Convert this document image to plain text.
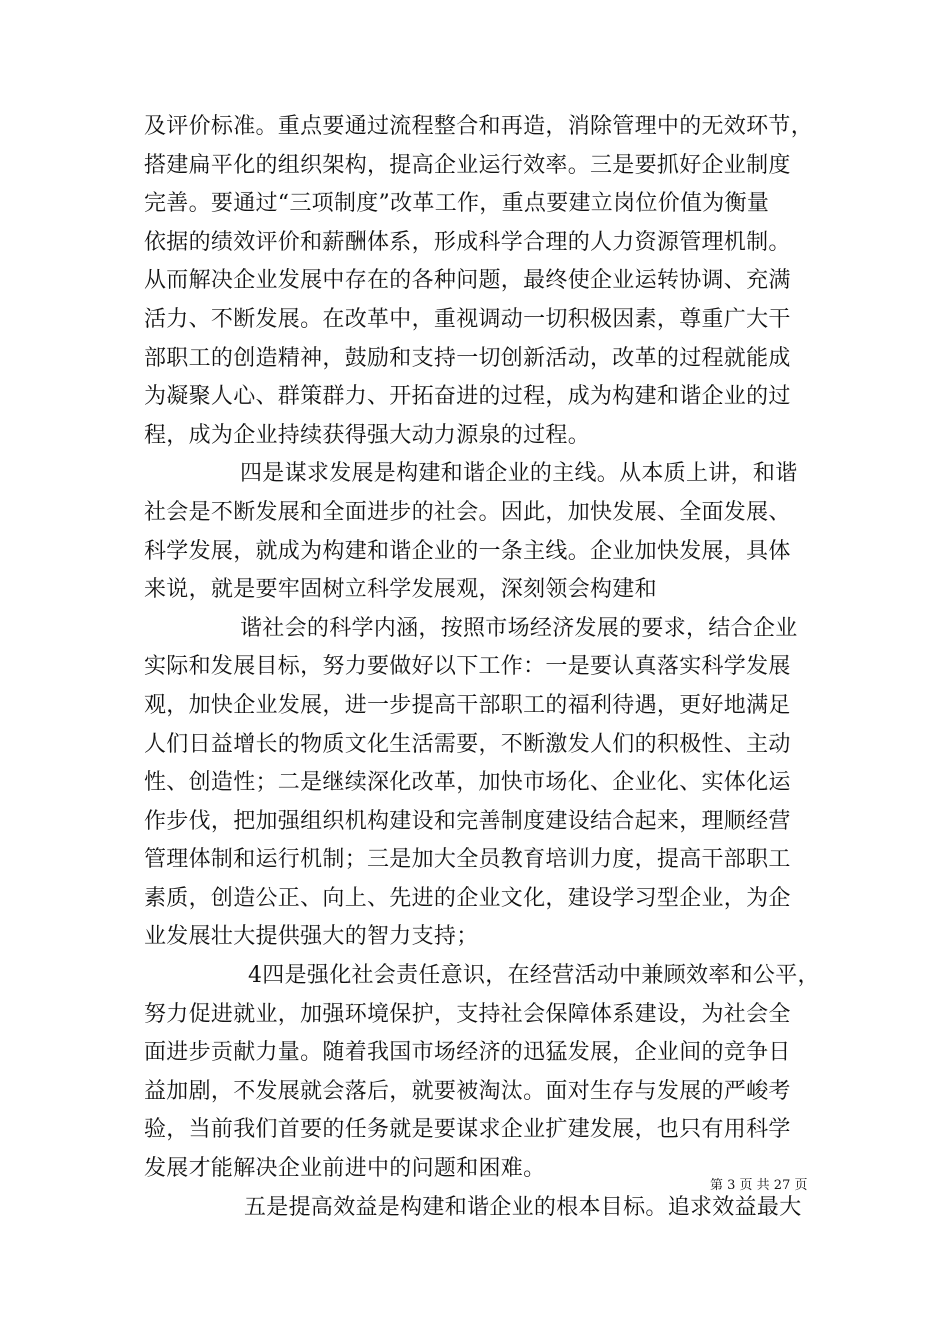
及评价标准。重点要通过流程整合和再造，消除管理中的无效环节，
搭建扁平化的组织架构，提高企业运行效率。三是要抓好企业制度
完善。要通过“三项制度”改革工作，重点要建立岗位价值为衡量
依据的绩效评价和薪酬体系，形成科学合理的人力资源管理机制。
从而解决企业发展中存在的各种问题，最终使企业运转协调、充满
活力、不断发展。在改革中，重视调动一切积极因素，尊重广大干
部职工的创造精神，鼓励和支持一切创新活动，改革的过程就能成
为凝聚人心、群策群力、开拓奋进的过程，成为构建和谐企业的过
程，成为企业持续获得强大动力源泉的过程。
四是谋求发展是构建和谐企业的主线。从本质上讲，和谐
社会是不断发展和全面进步的社会。因此，加快发展、全面发展、
科学发展，就成为构建和谐企业的一条主线。企业加快发展，具体
来说，就是要牢固树立科学发展观，深刻领会构建和
谐社会的科学内涵，按照市场经济发展的要求，结合企业
实际和发展目标，努力要做好以下工作：一是要认真落实科学发展
观，加快企业发展，进一步提高干部职工的福利待遇，更好地满足
人们日益增长的物质文化生活需要，不断激发人们的积极性、主动
性、创造性；二是继续深化改革，加快市场化、企业化、实体化运
作步伐，把加强组织机构建设和完善制度建设结合起来，理顺经营
管理体制和运行机制；三是加大全员教育培训力度，提高干部职工
素质，创造公正、向上、先进的企业文化，建设学习型企业，为企
业发展壮大提供强大的智力支持；
4四是强化社会责任意识，在经营活动中兼顾效率和公平，
努力促进就业，加强环境保护，支持社会保障体系建设，为社会全
面进步贡献力量。随着我国市场经济的迅猛发展，企业间的竞争日
益加剧，不发展就会落后，就要被淘汰。面对生存与发展的严峻考
验，当前我们首要的任务就是要谋求企业扩建发展，也只有用科学
发展才能解决企业前进中的问题和困难。
五是提高效益是构建和谐企业的根本目标。追求效益最大
第 3 页 共 27 页
